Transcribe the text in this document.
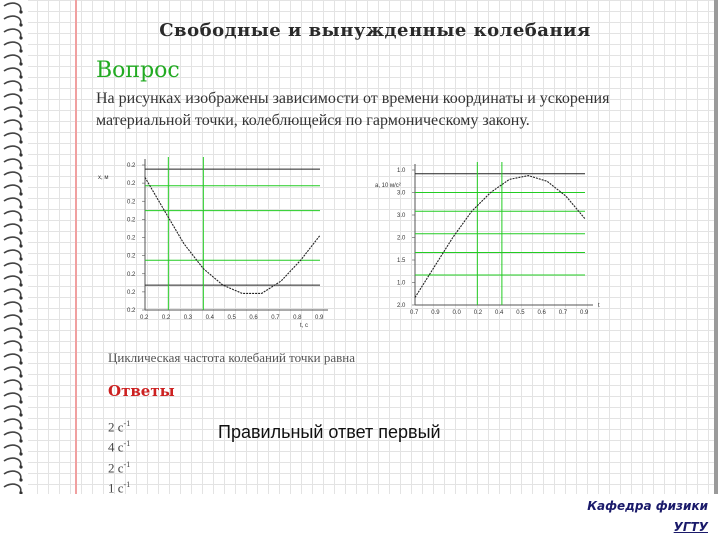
Свободные и вынужденные колебания
Вопрос
На рисунках изображены зависимости от времени координаты и ускорения материальной точки, колеблющейся по гармоническому закону.
x, м
t, с
0.2
0.2
0.2
0.2
0.2
0.2
0.2
0.2
0.2
0.2 0.2 0.3 0.4 0.5 0.6 0.7 0.8 0.9
a, 10 м/с²
t
1.0
3.0
3.0
2.0
1.5
1.0
2.0
0.7 0.9 0.0 0.2 0.4 0.5 0.6 0.7 0.9
Циклическая частота колебаний точки равна
Ответы
2 $с^{-1}$
4 $с^{-1}$
2 $с^{-1}$
1 $с^{-1}$
Правильный ответ первый
Кафедра физики
УГТУ
